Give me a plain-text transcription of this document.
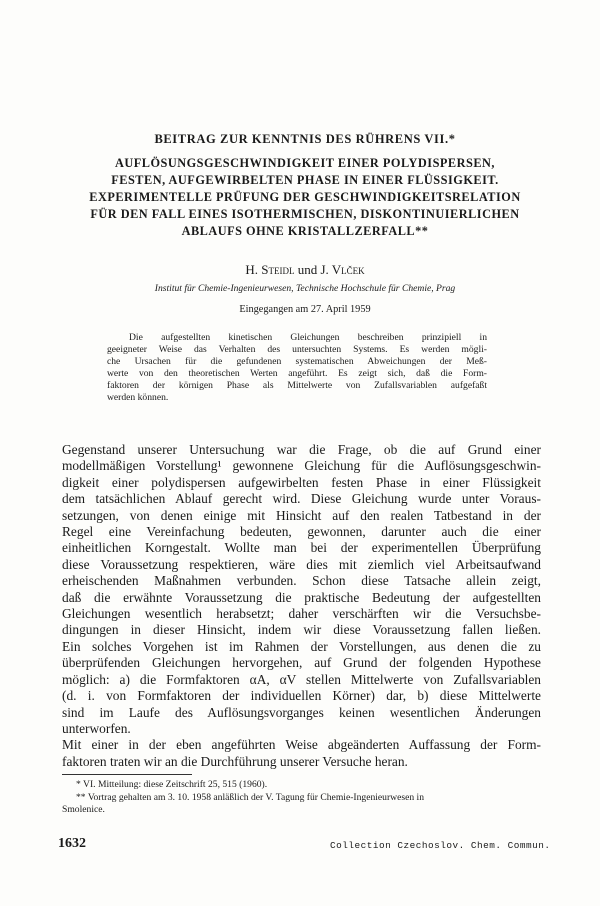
BEITRAG ZUR KENNTNIS DES RÜHRENS VII.*
AUFLÖSUNGSGESCHWINDIGKEIT EINER POLYDISPERSEN,
FESTEN, AUFGEWIRBELTEN PHASE IN EINER FLÜSSIGKEIT.
EXPERIMENTELLE PRÜFUNG DER GESCHWINDIGKEITSRELATION
FÜR DEN FALL EINES ISOTHERMISCHEN, DISKONTINUIERLICHEN
ABLAUFS OHNE KRISTALLZERFALL**
H. Steidl und J. Vlček
Institut für Chemie-Ingenieurwesen, Technische Hochschule für Chemie, Prag
Eingegangen am 27. April 1959
Die aufgestellten kinetischen Gleichungen beschreiben prinzipiell in
geeigneter Weise das Verhalten des untersuchten Systems. Es werden mögli-
che Ursachen für die gefundenen systematischen Abweichungen der Meß-
werte von den theoretischen Werten angeführt. Es zeigt sich, daß die Form-
faktoren der körnigen Phase als Mittelwerte von Zufallsvariablen aufgefaßt
werden können.
Gegenstand unserer Untersuchung war die Frage, ob die auf Grund einer
modellmäßigen Vorstellung¹ gewonnene Gleichung für die Auflösungsgeschwin-
digkeit einer polydispersen aufgewirbelten festen Phase in einer Flüssigkeit
dem tatsächlichen Ablauf gerecht wird. Diese Gleichung wurde unter Voraus-
setzungen, von denen einige mit Hinsicht auf den realen Tatbestand in der
Regel eine Vereinfachung bedeuten, gewonnen, darunter auch die einer
einheitlichen Korngestalt. Wollte man bei der experimentellen Überprüfung
diese Voraussetzung respektieren, wäre dies mit ziemlich viel Arbeitsaufwand
erheischenden Maßnahmen verbunden. Schon diese Tatsache allein zeigt,
daß die erwähnte Voraussetzung die praktische Bedeutung der aufgestellten
Gleichungen wesentlich herabsetzt; daher verschärften wir die Versuchsbe-
dingungen in dieser Hinsicht, indem wir diese Voraussetzung fallen ließen.
Ein solches Vorgehen ist im Rahmen der Vorstellungen, aus denen die zu
überprüfenden Gleichungen hervorgehen, auf Grund der folgenden Hypothese
möglich: a) die Formfaktoren αA, αV stellen Mittelwerte von Zufallsvariablen
(d. i. von Formfaktoren der individuellen Körner) dar, b) diese Mittelwerte
sind im Laufe des Auflösungsvorganges keinen wesentlichen Änderungen
unterworfen.
Mit einer in der eben angeführten Weise abgeänderten Auffassung der Form-
faktoren traten wir an die Durchführung unserer Versuche heran.
* VI. Mitteilung: diese Zeitschrift 25, 515 (1960).
** Vortrag gehalten am 3. 10. 1958 anläßlich der V. Tagung für Chemie-Ingenieurwesen in
Smolenice.
1632	Collection Czechoslov. Chem. Commun.
